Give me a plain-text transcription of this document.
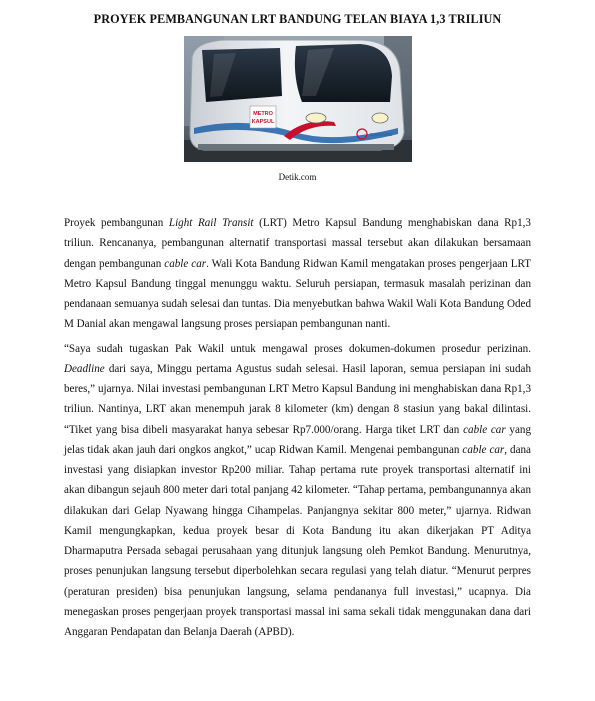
PROYEK PEMBANGUNAN LRT BANDUNG TELAN BIAYA 1,3 TRILIUN
METRO
KAPSUL
BANDUNG
Detik.com

Proyek pembangunan Light Rail Transit (LRT) Metro Kapsul Bandung menghabiskan dana Rp1,3 triliun. Rencananya, pembangunan alternatif transportasi massal tersebut akan dilakukan bersamaan dengan pembangunan cable car. Wali Kota Bandung Ridwan Kamil mengatakan proses pengerjaan LRT Metro Kapsul Bandung tinggal menunggu waktu. Seluruh persiapan, termasuk masalah perizinan dan pendanaan semuanya sudah selesai dan tuntas. Dia menyebutkan bahwa Wakil Wali Kota Bandung Oded M Danial akan mengawal langsung proses persiapan pembangunan nanti.

“Saya sudah tugaskan Pak Wakil untuk mengawal proses dokumen-dokumen prosedur perizinan. Deadline dari saya, Minggu pertama Agustus sudah selesai. Hasil laporan, semua persiapan ini sudah beres,” ujarnya. Nilai investasi pembangunan LRT Metro Kapsul Bandung ini menghabiskan dana Rp1,3 triliun. Nantinya, LRT akan menempuh jarak 8 kilometer (km) dengan 8 stasiun yang bakal dilintasi. “Tiket yang bisa dibeli masyarakat hanya sebesar Rp7.000/orang. Harga tiket LRT dan cable car yang jelas tidak akan jauh dari ongkos angkot,” ucap Ridwan Kamil. Mengenai pembangunan cable car, dana investasi yang disiapkan investor Rp200 miliar. Tahap pertama rute proyek transportasi alternatif ini akan dibangun sejauh 800 meter dari total panjang 42 kilometer. “Tahap pertama, pembangunannya akan dilakukan dari Gelap Nyawang hingga Cihampelas. Panjangnya sekitar 800 meter,” ujarnya. Ridwan Kamil mengungkapkan, kedua proyek besar di Kota Bandung itu akan dikerjakan PT Aditya Dharmaputra Persada sebagai perusahaan yang ditunjuk langsung oleh Pemkot Bandung. Menurutnya, proses penunjukan langsung tersebut diperbolehkan secara regulasi yang telah diatur. “Menurut perpres (peraturan presiden) bisa penunjukan langsung, selama pendananya full investasi,” ucapnya. Dia menegaskan proses pengerjaan proyek transportasi massal ini sama sekali tidak menggunakan dana dari Anggaran Pendapatan dan Belanja Daerah (APBD).
